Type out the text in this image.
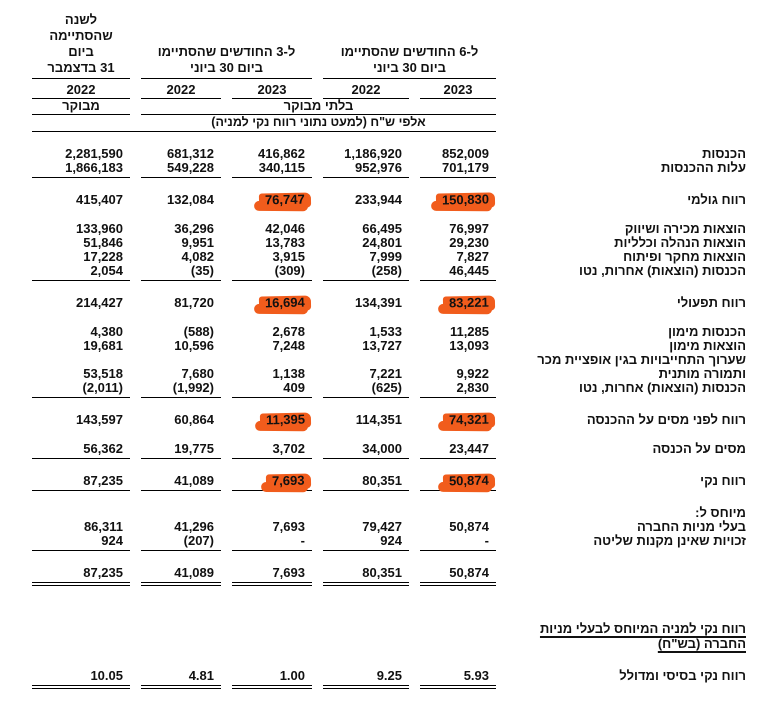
לשנה
שהסתיימה
ביום
31 בדצמבר
ל-3 החודשים שהסתיימו
ביום 30 ביוני
ל-6 החודשים שהסתיימו
ביום 30 ביוני
2022	2022	2023	2022	2023
מבוקר	בלתי מבוקר
אלפי ש"ח (למעט נתוני רווח נקי למניה)
2,281,590	681,312	416,862	1,186,920	852,009	הכנסות
1,866,183	549,228	340,115	952,976	701,179	עלות ההכנסות
415,407	132,084	76,747	233,944	150,830	רווח גולמי
133,960	36,296	42,046	66,495	76,997	הוצאות מכירה ושיווק
51,846	9,951	13,783	24,801	29,230	הוצאות הנהלה וכלליות
17,228	4,082	3,915	7,999	7,827	הוצאות מחקר ופיתוח
2,054	(35)	(309)	(258)	46,445	הכנסות (הוצאות) אחרות, נטו
214,427	81,720	16,694	134,391	83,221	רווח תפעולי
4,380	(588)	2,678	1,533	11,285	הכנסות מימון
19,681	10,596	7,248	13,727	13,093	הוצאות מימון
שערוך התחייבויות בגין אופציית מכר
53,518	7,680	1,138	7,221	9,922	ותמורה מותנית
(2,011)	(1,992)	409	(625)	2,830	הכנסות (הוצאות) אחרות, נטו
143,597	60,864	11,395	114,351	74,321	רווח לפני מסים על ההכנסה
56,362	19,775	3,702	34,000	23,447	מסים על הכנסה
87,235	41,089	7,693	80,351	50,874	רווח נקי
מיוחס ל:
86,311	41,296	7,693	79,427	50,874	בעלי מניות החברה
924	(207)	-	924	-	זכויות שאינן מקנות שליטה
87,235	41,089	7,693	80,351	50,874
רווח נקי למניה המיוחס לבעלי מניות
החברה (בש"ח)
10.05	4.81	1.00	9.25	5.93	רווח נקי בסיסי ומדולל
